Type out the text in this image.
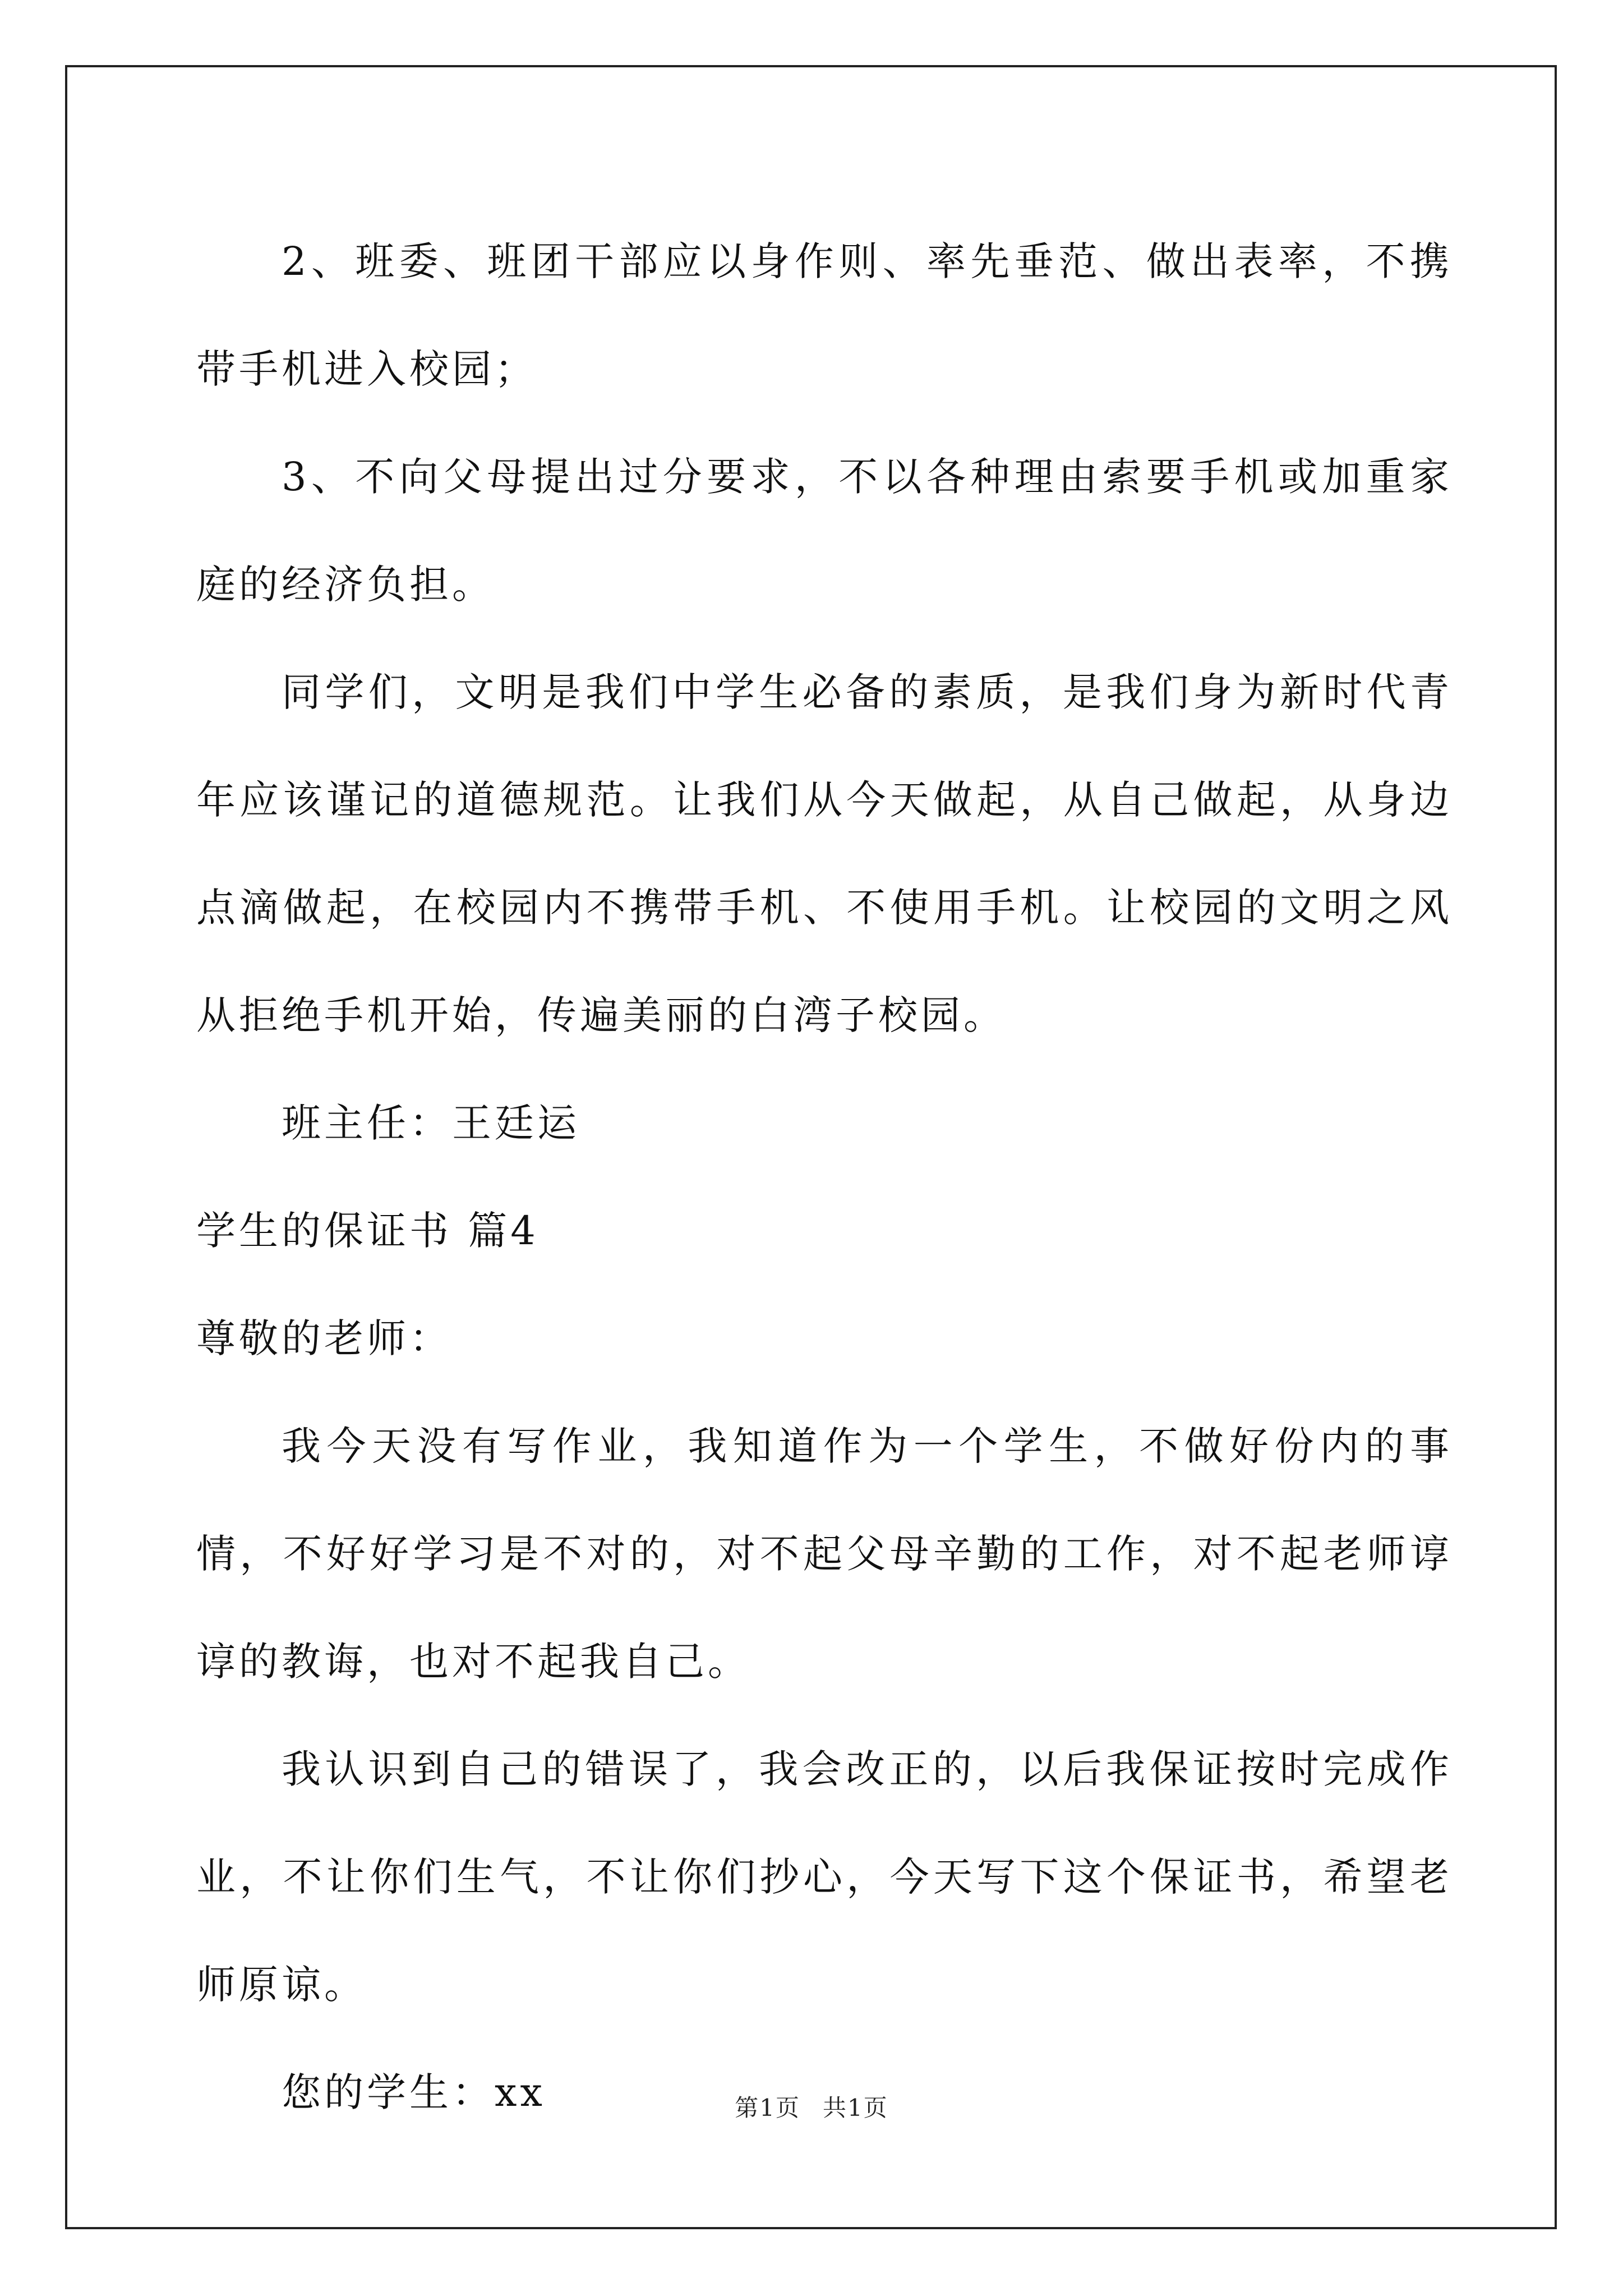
2、班委、班团干部应以身作则、率先垂范、做出表率，不携带手机进入校园；

3、不向父母提出过分要求，不以各种理由索要手机或加重家庭的经济负担。

同学们，文明是我们中学生必备的素质，是我们身为新时代青年应该谨记的道德规范。让我们从今天做起，从自己做起，从身边点滴做起，在校园内不携带手机、不使用手机。让校园的文明之风从拒绝手机开始，传遍美丽的白湾子校园。

班主任：王廷运

学生的保证书 篇4

尊敬的老师：

我今天没有写作业，我知道作为一个学生，不做好份内的事情，不好好学习是不对的，对不起父母辛勤的工作，对不起老师谆谆的教诲，也对不起我自己。

我认识到自己的错误了，我会改正的，以后我保证按时完成作业，不让你们生气，不让你们抄心，今天写下这个保证书，希望老师原谅。

您的学生：xx	第1页 共1页
